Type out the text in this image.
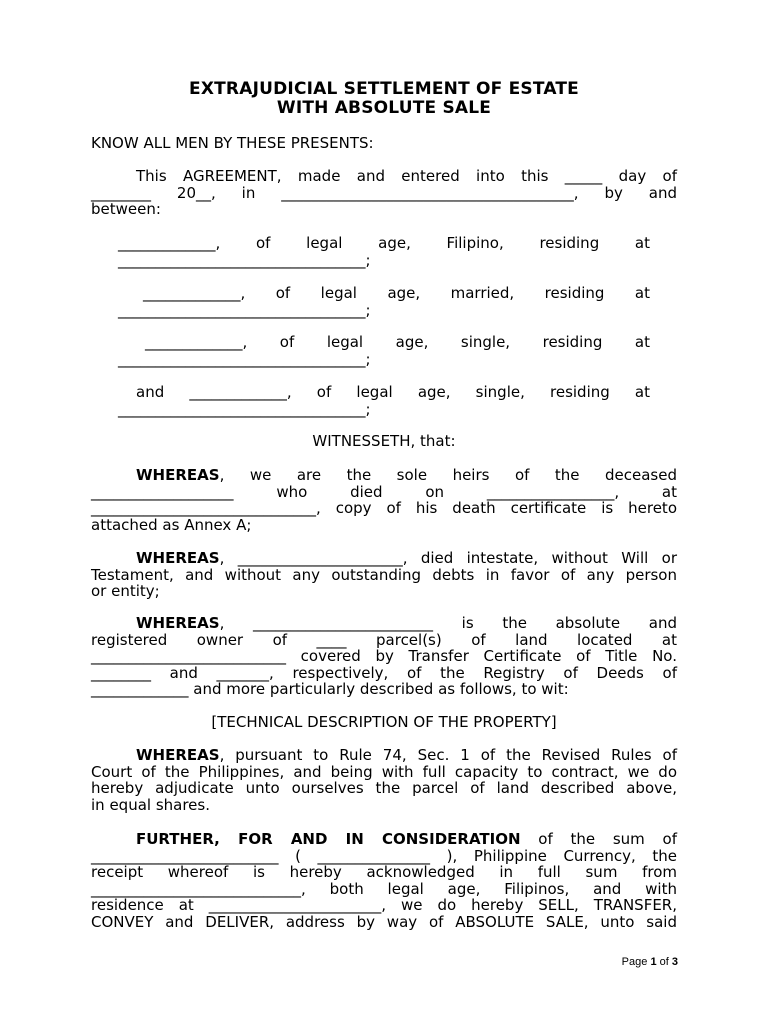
EXTRAJUDICIAL SETTLEMENT OF ESTATE
WITH ABSOLUTE SALE
KNOW ALL MEN BY THESE PRESENTS:
This AGREEMENT, made and entered into this _____ day of
________ 20__, in _______________________________________, by and
between:
_____________, of legal age, Filipino, residing at
_________________________________;
_____________, of legal age, married, residing at
_________________________________;
_____________, of legal age, single, residing at
_________________________________;
and _____________, of legal age, single, residing at
_________________________________;
WITNESSETH, that:
WHEREAS, we are the sole heirs of the deceased
___________________ who died on _________________, at
______________________________, copy of his death certificate is hereto
attached as Annex A;
WHEREAS, ______________________, died intestate, without Will or
Testament, and without any outstanding debts in favor of any person
or entity;
WHEREAS, ________________________ is the absolute and
registered owner of ____ parcel(s) of land located at
__________________________ covered by Transfer Certificate of Title No.
________ and _______, respectively, of the Registry of Deeds of
_____________ and more particularly described as follows, to wit:
[TECHNICAL DESCRIPTION OF THE PROPERTY]
WHEREAS, pursuant to Rule 74, Sec. 1 of the Revised Rules of
Court of the Philippines, and being with full capacity to contract, we do
hereby adjudicate unto ourselves the parcel of land described above,
in equal shares.
FURTHER, FOR AND IN CONSIDERATION of the sum of
_________________________ ( _______________ ), Philippine Currency, the
receipt whereof is hereby acknowledged in full sum from
____________________________, both legal age, Filipinos, and with
residence at _______________________, we do hereby SELL, TRANSFER,
CONVEY and DELIVER, address by way of ABSOLUTE SALE, unto said
Page 1 of 3
